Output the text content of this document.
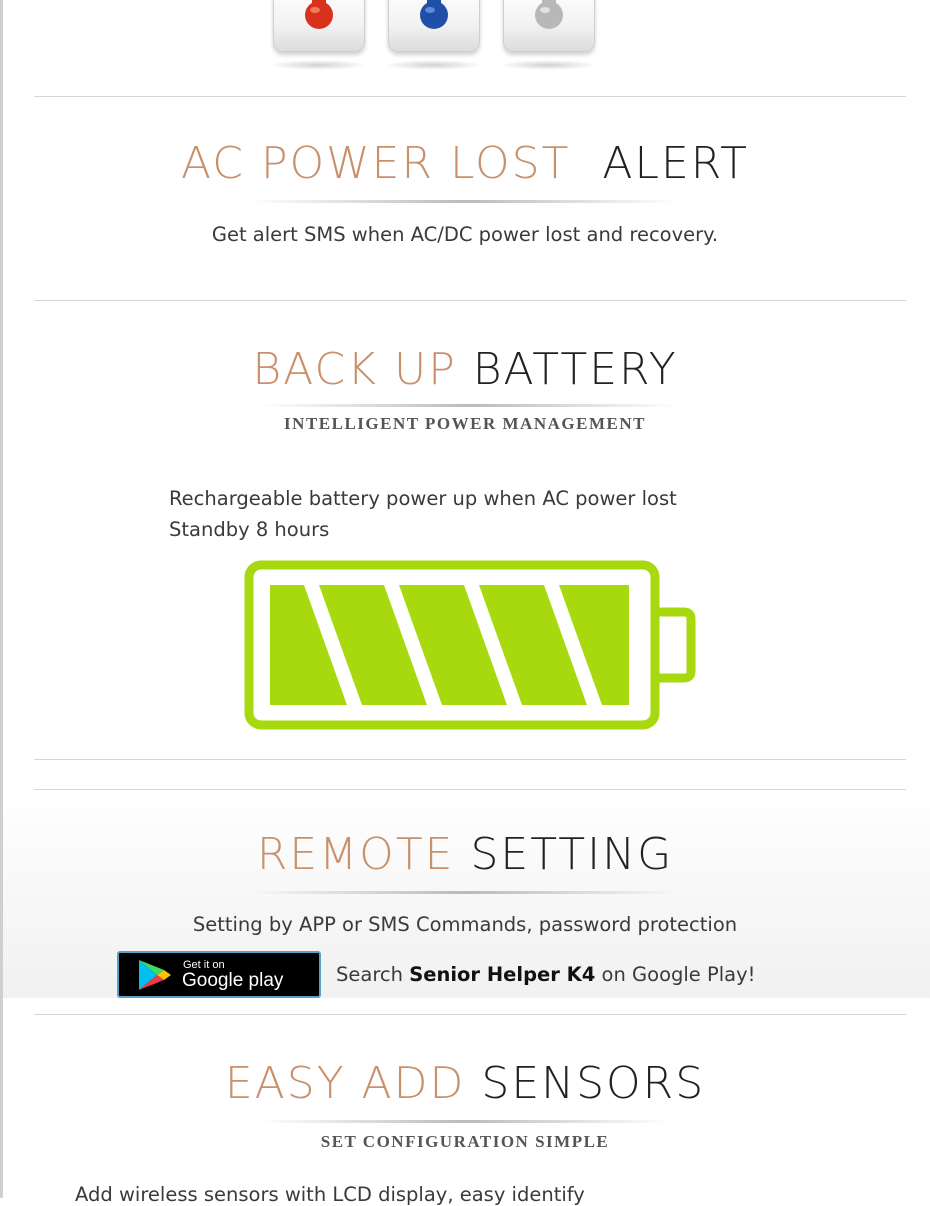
AC POWER LOST ALERT
Get alert SMS when AC/DC power lost and recovery.
BACK UP BATTERY
INTELLIGENT POWER MANAGEMENT
Rechargeable battery power up when AC power lost
Standby 8 hours
REMOTE SETTING
Setting by APP or SMS Commands, password protection
Get it on
Google play	Search Senior Helper K4 on Google Play!
EASY ADD SENSORS
SET CONFIGURATION SIMPLE
Add wireless sensors with LCD display, easy identify
